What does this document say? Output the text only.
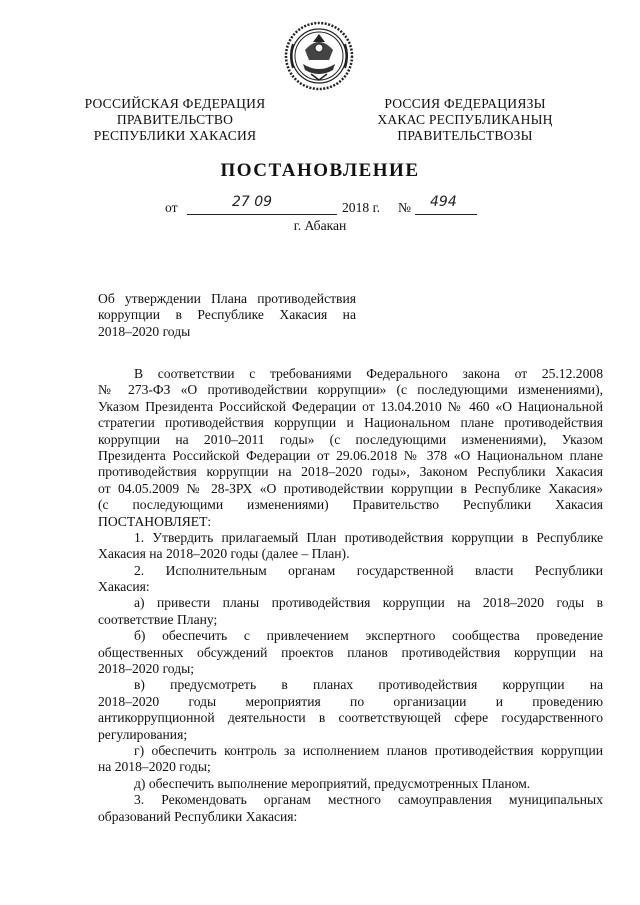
РОССИЙСКАЯ ФЕДЕРАЦИЯ
ПРАВИТЕЛЬСТВО
РЕСПУБЛИКИ ХАКАСИЯ
РОССИЯ ФЕДЕРАЦИЯЗЫ
ХАКАС РЕСПУБЛИКАНЫҢ
ПРАВИТЕЛЬСТВОЗЫ
ПОСТАНОВЛЕНИЕ
от	27 09	2018 г. № 494
г. Абакан
Об утверждении Плана противодействия
коррупции в Республике Хакасия на
2018–2020 годы
В соответствии с требованиями Федерального закона от 25.12.2008
№ 273-ФЗ «О противодействии коррупции» (с последующими изменениями),
Указом Президента Российской Федерации от 13.04.2010 № 460 «О Национальной
стратегии противодействия коррупции и Национальном плане противодействия
коррупции на 2010–2011 годы» (с последующими изменениями), Указом
Президента Российской Федерации от 29.06.2018 № 378 «О Национальном плане
противодействия коррупции на 2018–2020 годы», Законом Республики Хакасия
от 04.05.2009 № 28-ЗРХ «О противодействии коррупции в Республике Хакасия»
(с последующими изменениями) Правительство Республики Хакасия
ПОСТАНОВЛЯЕТ:
1. Утвердить прилагаемый План противодействия коррупции в Республике
Хакасия на 2018–2020 годы (далее – План).
2. Исполнительным органам государственной власти Республики
Хакасия:
а) привести планы противодействия коррупции на 2018–2020 годы в
соответствие Плану;
б) обеспечить с привлечением экспертного сообщества проведение
общественных обсуждений проектов планов противодействия коррупции на
2018–2020 годы;
в) предусмотреть в планах противодействия коррупции на
2018–2020 годы мероприятия по организации и проведению
антикоррупционной деятельности в соответствующей сфере государственного
регулирования;
г) обеспечить контроль за исполнением планов противодействия коррупции
на 2018–2020 годы;
д) обеспечить выполнение мероприятий, предусмотренных Планом.
3. Рекомендовать органам местного самоуправления муниципальных
образований Республики Хакасия:
